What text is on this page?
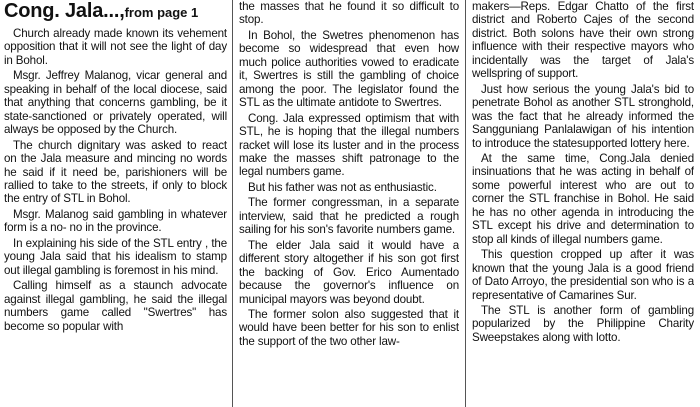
Cong. Jala...,from page 1

Church already made known its vehement opposition that it will not see the light of day in Bohol.

Msgr. Jeffrey Malanog, vicar general and speaking in behalf of the local diocese, said that anything that concerns gambling, be it state-sanctioned or privately operated, will always be opposed by the Church.

The church dignitary was asked to react on the Jala measure and mincing no words he said if it need be, parishioners will be rallied to take to the streets, if only to block the entry of STL in Bohol.

Msgr. Malanog said gambling in whatever form is a no- no in the province.

In explaining his side of the STL entry , the young Jala said that his idealism to stamp out illegal gambling is foremost in his mind.

Calling himself as a staunch advocate against illegal gambling, he said the illegal numbers game called "Swertres" has become so popular with

the masses that he found it so difficult to stop.

In Bohol, the Swetres phenomenon has become so widespread that even how much police authorities vowed to eradicate it, Swertres is still the gambling of choice among the poor. The legislator found the STL as the ultimate antidote to Swertres.

Cong. Jala expressed optimism that with STL, he is hoping that the illegal numbers racket will lose its luster and in the process make the masses shift patronage to the legal numbers game.

But his father was not as enthusiastic.

The former congressman, in a separate interview, said that he predicted a rough sailing for his son's favorite numbers game.

The elder Jala said it would have a different story altogether if his son got first the backing of Gov. Erico Aumentado because the governor's influence on municipal mayors was beyond doubt.

The former solon also suggested that it would have been better for his son to enlist the support of the two other law-

makers—Reps. Edgar Chatto of the first district and Roberto Cajes of the second district. Both solons have their own strong influence with their respective mayors who incidentally was the target of Jala's wellspring of support.

Just how serious the young Jala's bid to penetrate Bohol as another STL stronghold, was the fact that he already informed the Sangguniang Panlalawigan of his intention to introduce the statesupported lottery here.

At the same time, Cong.Jala denied insinuations that he was acting in behalf of some powerful interest who are out to corner the STL franchise in Bohol. He said he has no other agenda in introducing the STL except his drive and determination to stop all kinds of illegal numbers game.

This question cropped up after it was known that the young Jala is a good friend of Dato Arroyo, the presidential son who is a representative of Camarines Sur.

The STL is another form of gambling popularized by the Philippine Charity Sweepstakes along with lotto.
